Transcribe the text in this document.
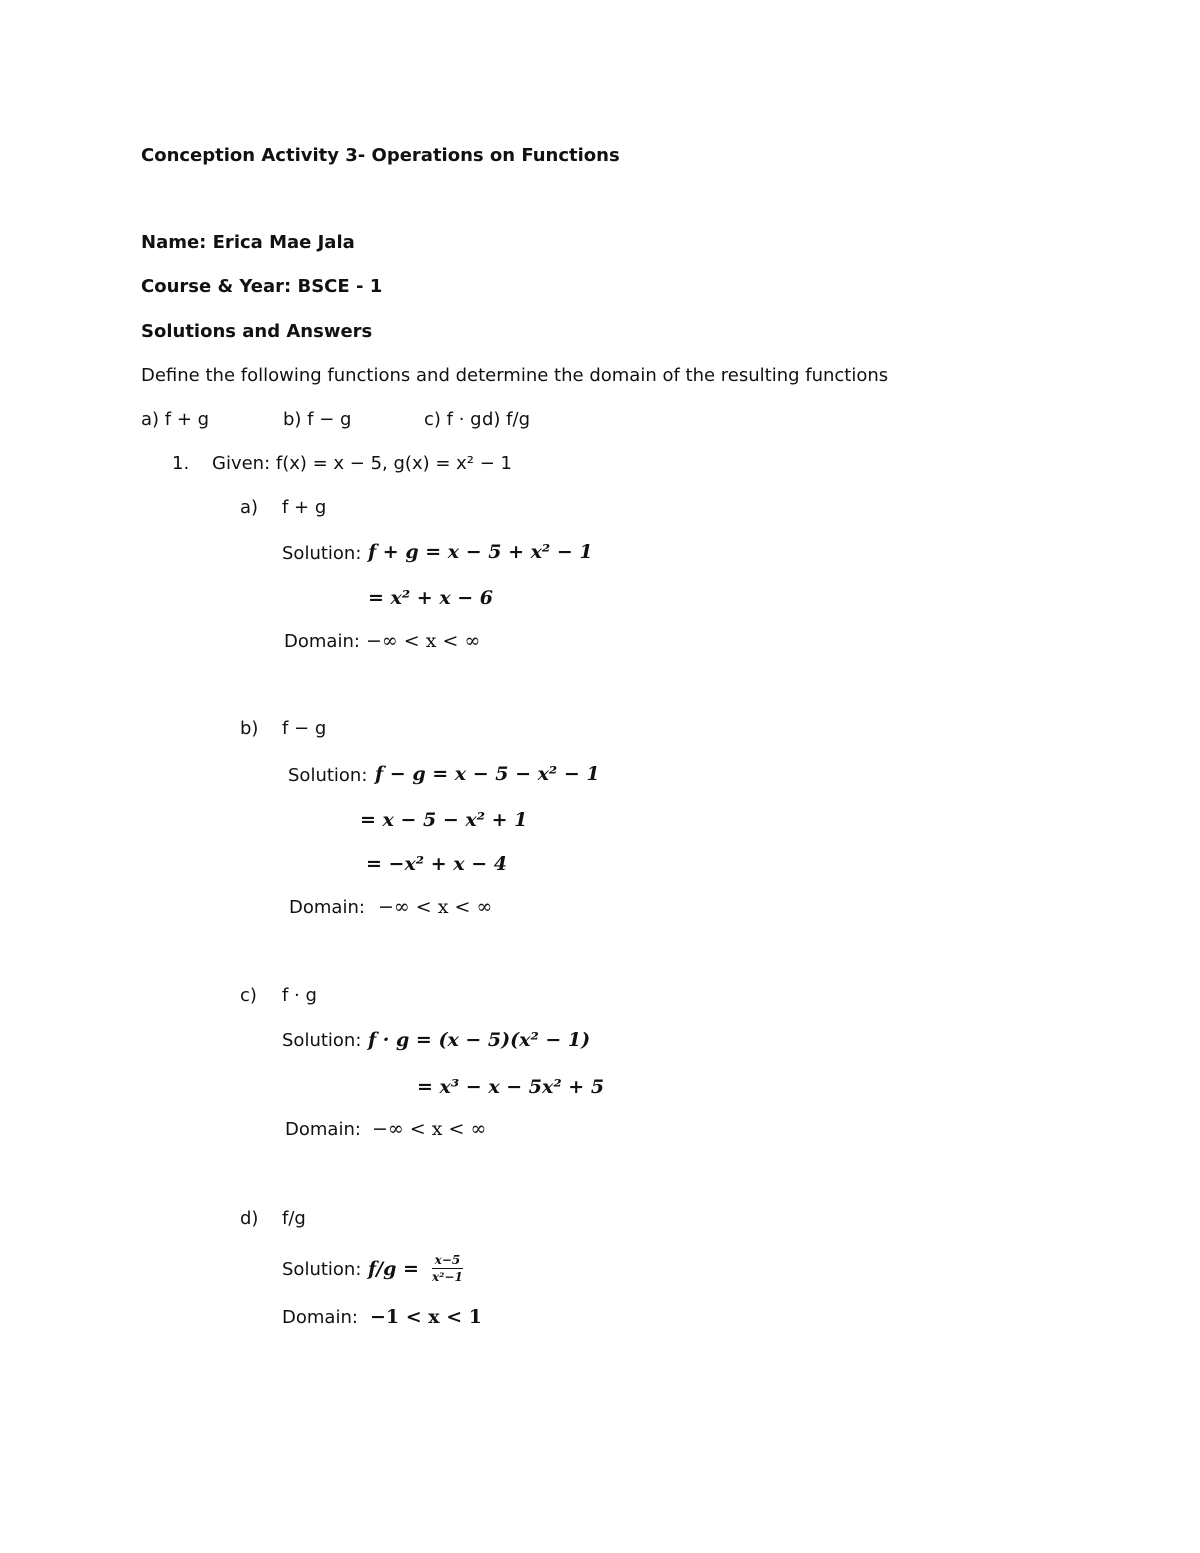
Conception Activity 3- Operations on Functions
Name: Erica Mae Jala
Course & Year: BSCE - 1
Solutions and Answers
Define the following functions and determine the domain of the resulting functions
a) f + g	b) f − g	c) f · g d) f/g
1. Given: f(x) = x − 5, g(x) = x² − 1
a) f + g
Solution: f + g = x − 5 + x² − 1
= x² + x − 6
Domain: −∞ < x < ∞
b) f − g
Solution: f − g = x − 5 − x² − 1
= x − 5 − x² + 1
= −x² + x − 4
Domain: −∞ < x < ∞
c) f · g
Solution: f · g = (x − 5)(x² − 1)
= x³ − x − 5x² + 5
Domain: −∞ < x < ∞
d) f/g
Solution: $f/g = \frac{x-5}{\text{x²−1}}$
Domain: −1 < x < 1
